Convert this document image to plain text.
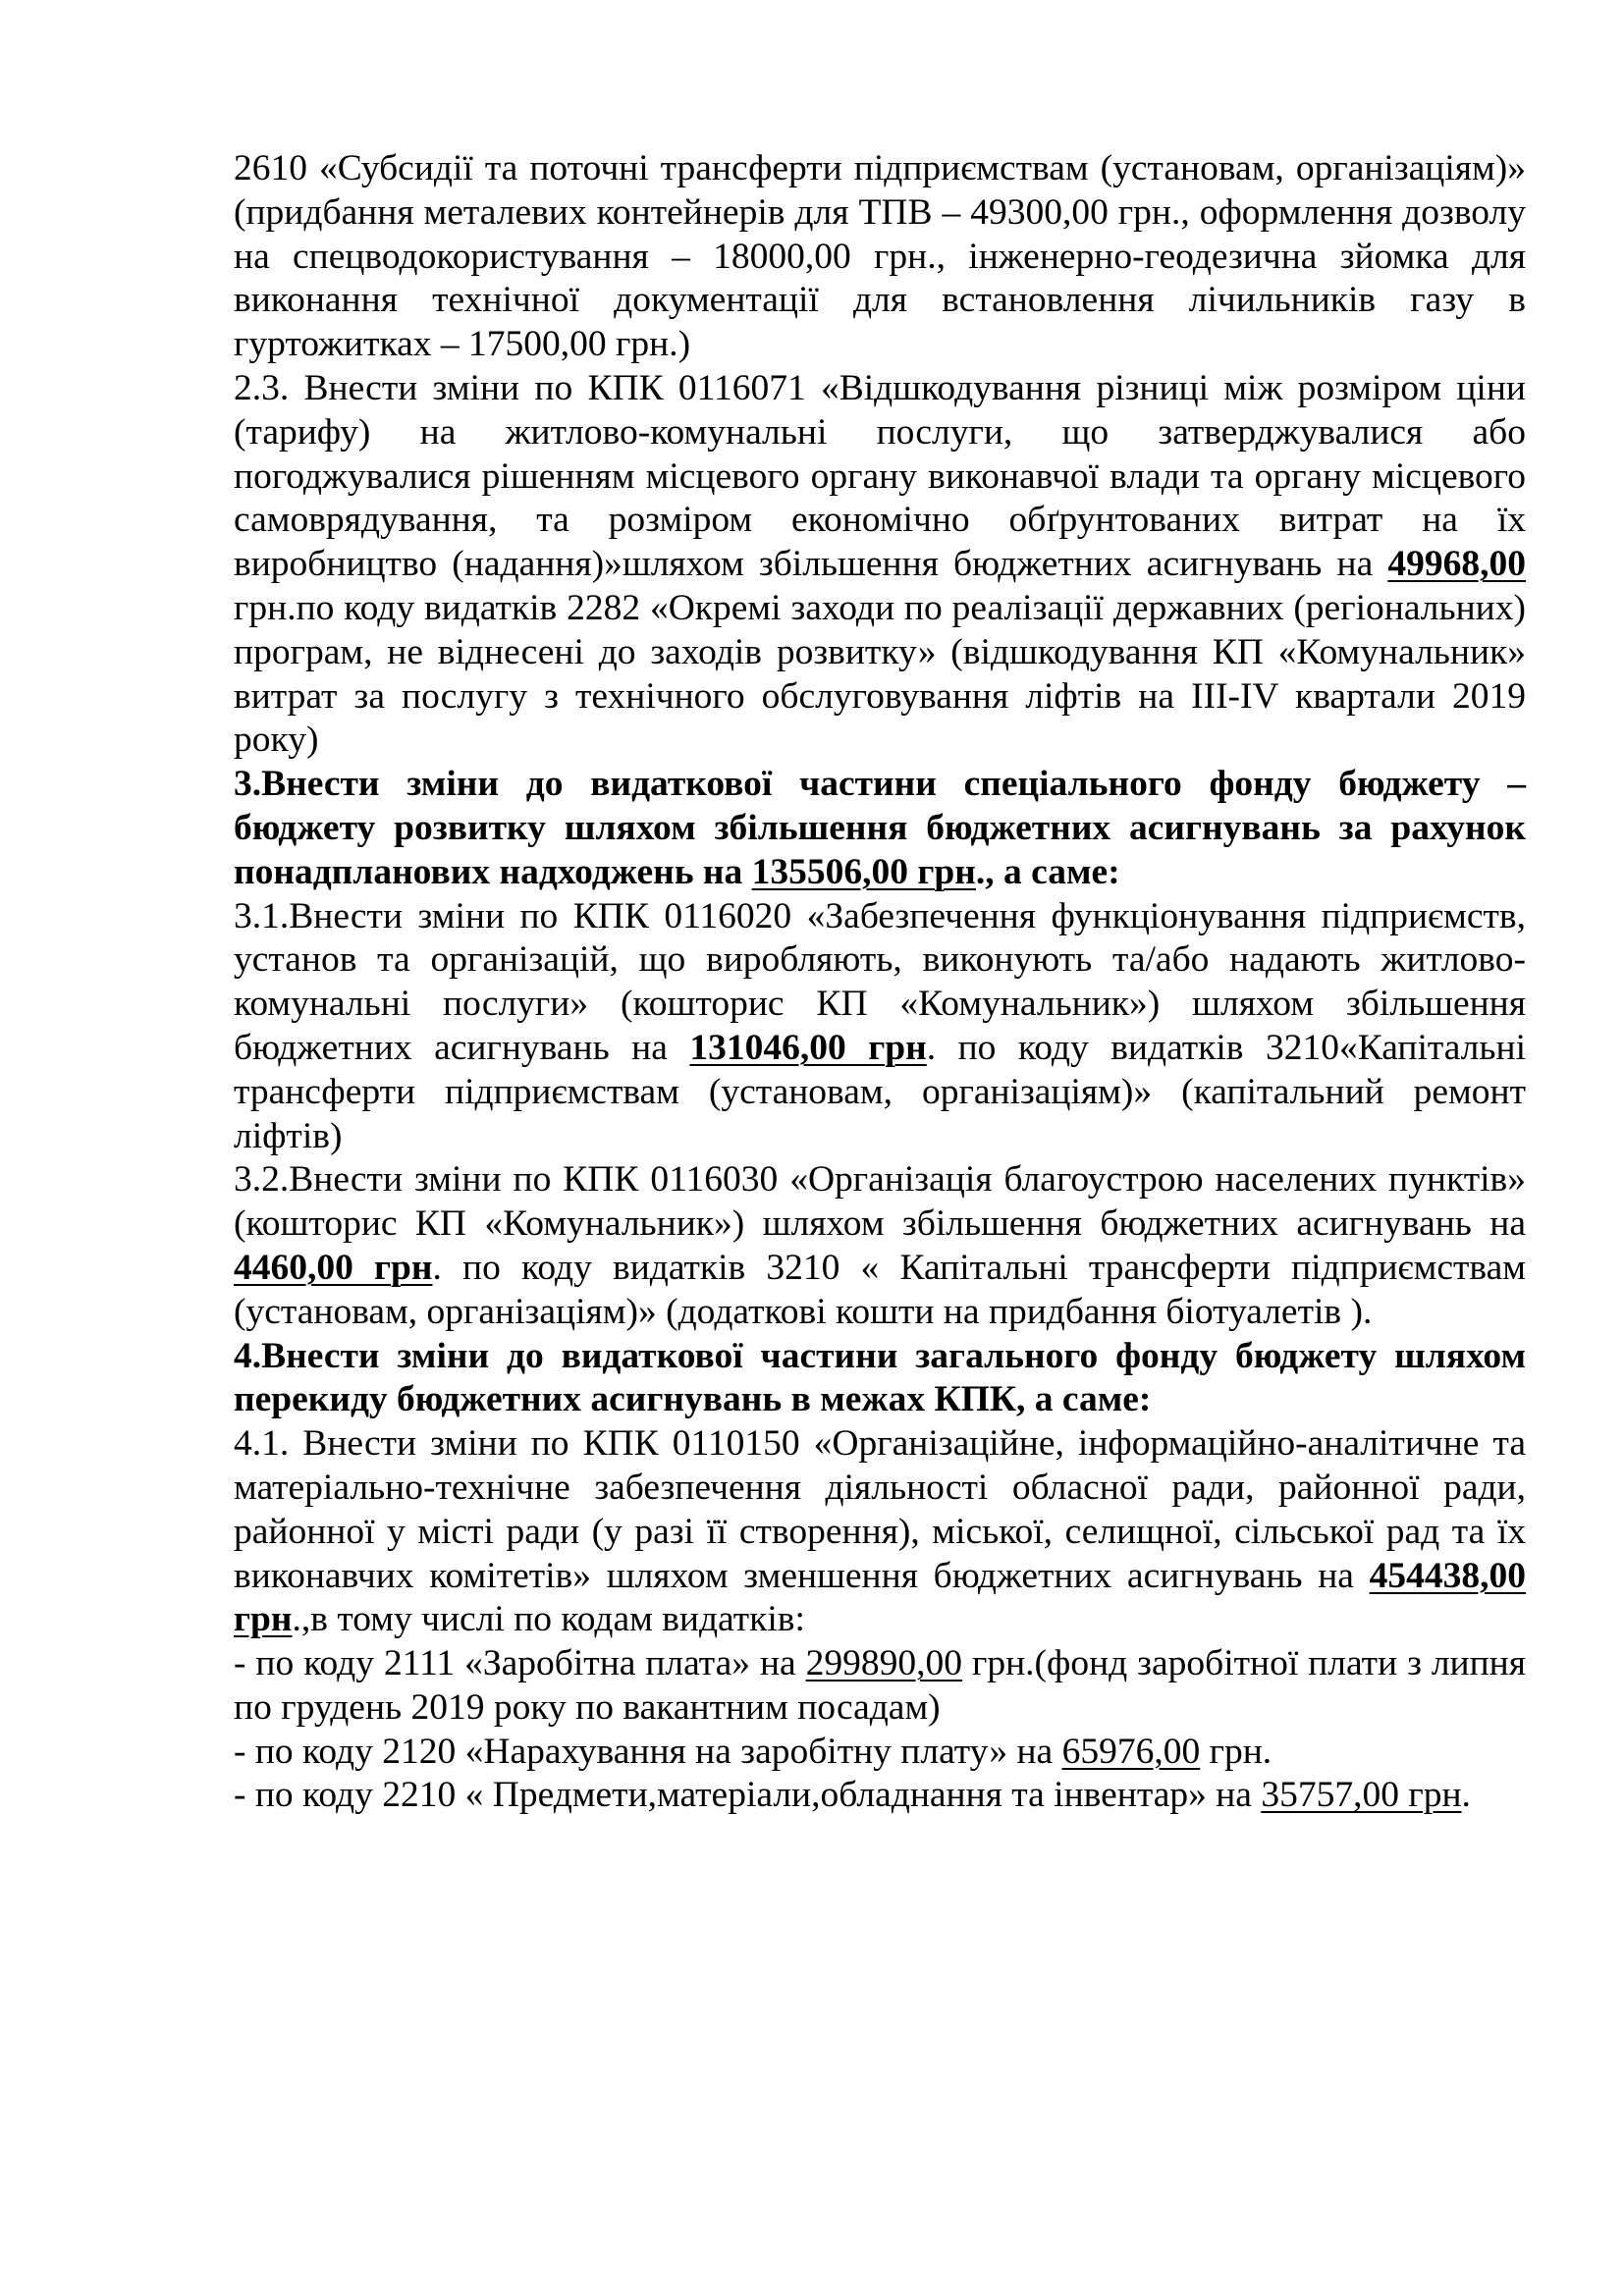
2610 «Субсидії та поточні трансферти підприємствам (установам, організаціям)» (придбання металевих контейнерів для ТПВ – 49300,00 грн., оформлення дозволу на спецводокористування – 18000,00 грн., інженерно-геодезична зйомка для виконання технічної документації для встановлення лічильників газу в гуртожитках – 17500,00 грн.)

2.3. Внести зміни по КПК 0116071 «Відшкодування різниці між розміром ціни (тарифу) на житлово-комунальні послуги, що затверджувалися або погоджувалися рішенням місцевого органу виконавчої влади та органу місцевого самоврядування, та розміром економічно обґрунтованих витрат на їх виробництво (надання)»шляхом збільшення бюджетних асигнувань на 49968,00 грн.по коду видатків 2282 «Окремі заходи по реалізації державних (регіональних) програм, не віднесені до заходів розвитку» (відшкодування КП «Комунальник» витрат за послугу з технічного обслуговування ліфтів на ІІІ-ІV квартали 2019 року)

3.Внести зміни до видаткової частини спеціального фонду бюджету – бюджету розвитку шляхом збільшення бюджетних асигнувань за рахунок понадпланових надходжень на 135506,00 грн., а саме:

3.1.Внести зміни по КПК 0116020 «Забезпечення функціонування підприємств, установ та організацій, що виробляють, виконують та/або надають житлово-комунальні послуги» (кошторис КП «Комунальник») шляхом збільшення бюджетних асигнувань на 131046,00 грн. по коду видатків 3210«Капітальні трансферти підприємствам (установам, організаціям)» (капітальний ремонт ліфтів)

3.2.Внести зміни по КПК 0116030 «Організація благоустрою населених пунктів» (кошторис КП «Комунальник») шляхом збільшення бюджетних асигнувань на 4460,00 грн. по коду видатків 3210 « Капітальні трансферти підприємствам (установам, організаціям)» (додаткові кошти на придбання біотуалетів ).

4.Внести зміни до видаткової частини загального фонду бюджету шляхом перекиду бюджетних асигнувань в межах КПК, а саме:

4.1. Внести зміни по КПК 0110150 «Організаційне, інформаційно-аналітичне та матеріально-технічне забезпечення діяльності обласної ради, районної ради, районної у місті ради (у разі її створення), міської, селищної, сільської рад та їх виконавчих комітетів» шляхом зменшення бюджетних асигнувань на 454438,00 грн.,в тому числі по кодам видатків:

- по коду 2111 «Заробітна плата» на 299890,00 грн.(фонд заробітної плати з липня по грудень 2019 року по вакантним посадам)

- по коду 2120 «Нарахування на заробітну плату» на 65976,00 грн.

- по коду 2210 « Предмети,матеріали,обладнання та інвентар» на 35757,00 грн.
